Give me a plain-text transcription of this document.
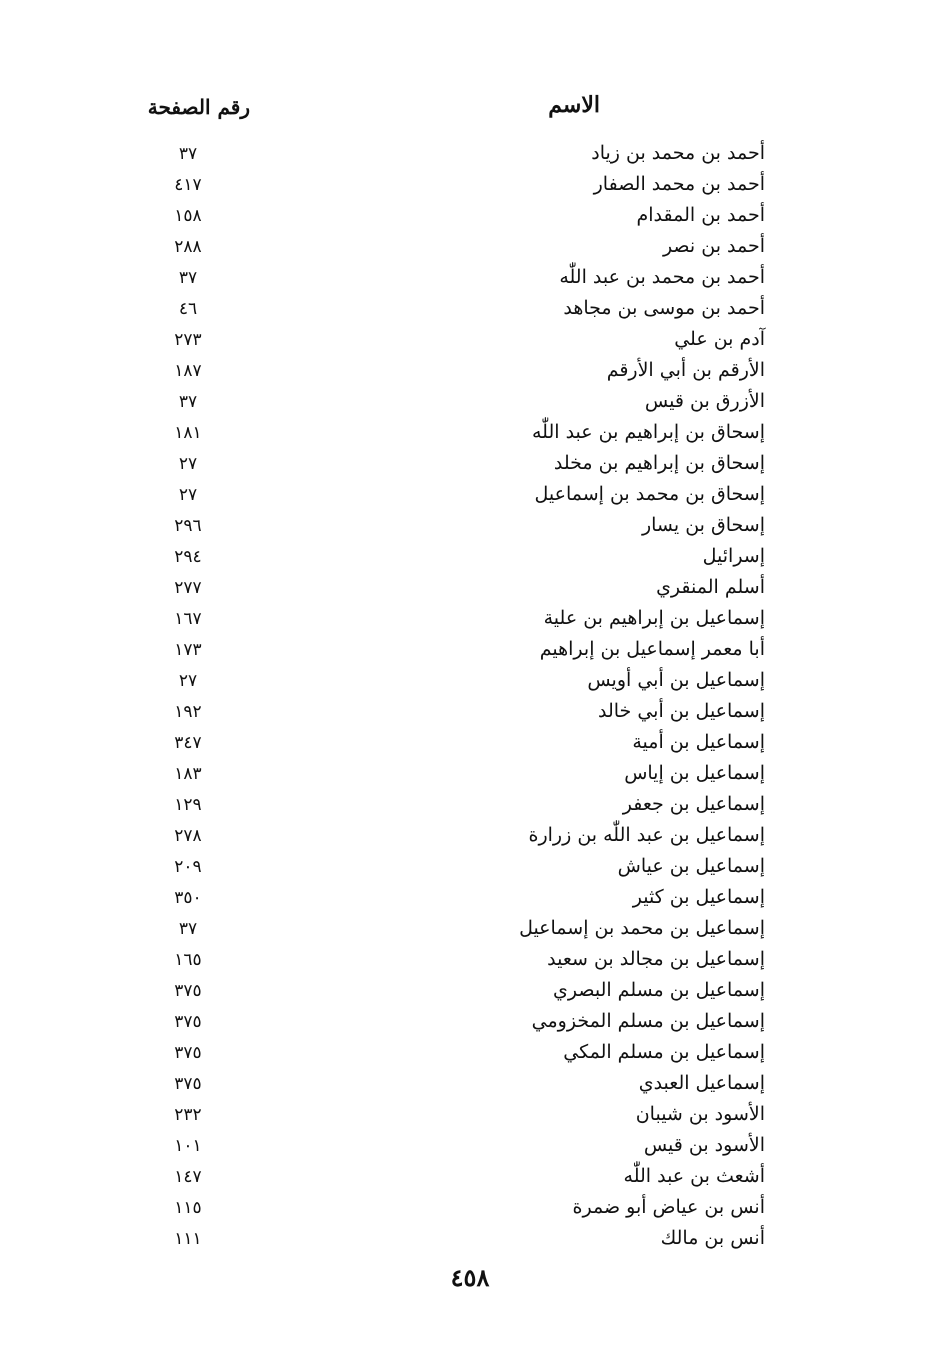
الاسم
رقم الصفحة
أحمد بن محمد بن زياد
٣٧
أحمد بن محمد الصفار
٤١٧
أحمد بن المقدام
١٥٨
أحمد بن نصر
٢٨٨
أحمد بن محمد بن عبد اللّٰه
٣٧
أحمد بن موسى بن مجاهد
٤٦
آدم بن علي
٢٧٣
الأرقم بن أبي الأرقم
١٨٧
الأزرق بن قيس
٣٧
إسحاق بن إبراهيم بن عبد اللّٰه
١٨١
إسحاق بن إبراهيم بن مخلد
٢٧
إسحاق بن محمد بن إسماعيل
٢٧
إسحاق بن يسار
٢٩٦
إسرائيل
٢٩٤
أسلم المنقري
٢٧٧
إسماعيل بن إبراهيم بن علية
١٦٧
أبا معمر إسماعيل بن إبراهيم
١٧٣
إسماعيل بن أبي أويس
٢٧
إسماعيل بن أبي خالد
١٩٢
إسماعيل بن أمية
٣٤٧
إسماعيل بن إياس
١٨٣
إسماعيل بن جعفر
١٢٩
إسماعيل بن عبد اللّٰه بن زرارة
٢٧٨
إسماعيل بن عياش
٢٠٩
إسماعيل بن كثير
٣٥٠
إسماعيل بن محمد بن إسماعيل
٣٧
إسماعيل بن مجالد بن سعيد
١٦٥
إسماعيل بن مسلم البصري
٣٧٥
إسماعيل بن مسلم المخزومي
٣٧٥
إسماعيل بن مسلم المكي
٣٧٥
إسماعيل العبدي
٣٧٥
الأسود بن شيبان
٢٣٢
الأسود بن قيس
١٠١
أشعث بن عبد اللّٰه
١٤٧
أنس بن عياض أبو ضمرة
١١٥
أنس بن مالك
١١١
٤٥٨
